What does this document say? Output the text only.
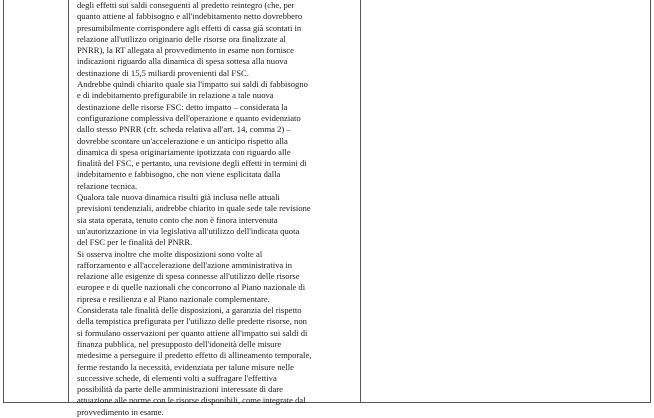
degli effetti sui saldi conseguenti al predetto reintegro (che, per
quanto attiene al fabbisogno e all'indebitamento netto dovrebbero
presumibilmente corrispondere agli effetti di cassa già scontati in
relazione all'utilizzo originario delle risorse ora finalizzate al
PNRR), la RT allegata al provvedimento in esame non fornisce
indicazioni riguardo alla dinamica di spesa sottesa alla nuova
destinazione di 15,5 miliardi provenienti dal FSC.

Andrebbe quindi chiarito quale sia l'impatto sui saldi di fabbisogno
e di indebitamento prefigurabile in relazione a tale nuova
destinazione delle risorse FSC: detto impatto – considerata la
configurazione complessiva dell'operazione e quanto evidenziato
dallo stesso PNRR (cfr. scheda relativa all'art. 14, comma 2) –
dovrebbe scontare un'accelerazione e un anticipo rispetto alla
dinamica di spesa originariamente ipotizzata con riguardo alle
finalità del FSC, e pertanto, una revisione degli effetti in termini di
indebitamento e fabbisogno, che non viene esplicitata dalla
relazione tecnica.

Qualora tale nuova dinamica risulti già inclusa nelle attuali
previsioni tendenziali, andrebbe chiarito in quale sede tale revisione
sia stata operata, tenuto conto che non è finora intervenuta
un'autorizzazione in via legislativa all'utilizzo dell'indicata quota
del FSC per le finalità del PNRR.

Si osserva inoltre che molte disposizioni sono volte al
rafforzamento e all'accelerazione dell'azione amministrativa in
relazione alle esigenze di spesa connesse all'utilizzo delle risorse
europee e di quelle nazionali che concorrono al Piano nazionale di
ripresa e resilienza e al Piano nazionale complementare.

Considerata tale finalità delle disposizioni, a garanzia del rispetto
della tempistica prefigurata per l'utilizzo delle predette risorse, non
si formulano osservazioni per quanto attiene all'impatto sui saldi di
finanza pubblica, nel presupposto dell'idoneità delle misure
medesime a perseguire il predetto effetto di allineamento temporale,
ferme restando la necessità, evidenziata per talune misure nelle
successive schede, di elementi volti a suffragare l'effettiva
possibilità da parte delle amministrazioni interessate di dare
attuazione alle norme con le risorse disponibili, come integrate dal
provvedimento in esame.
